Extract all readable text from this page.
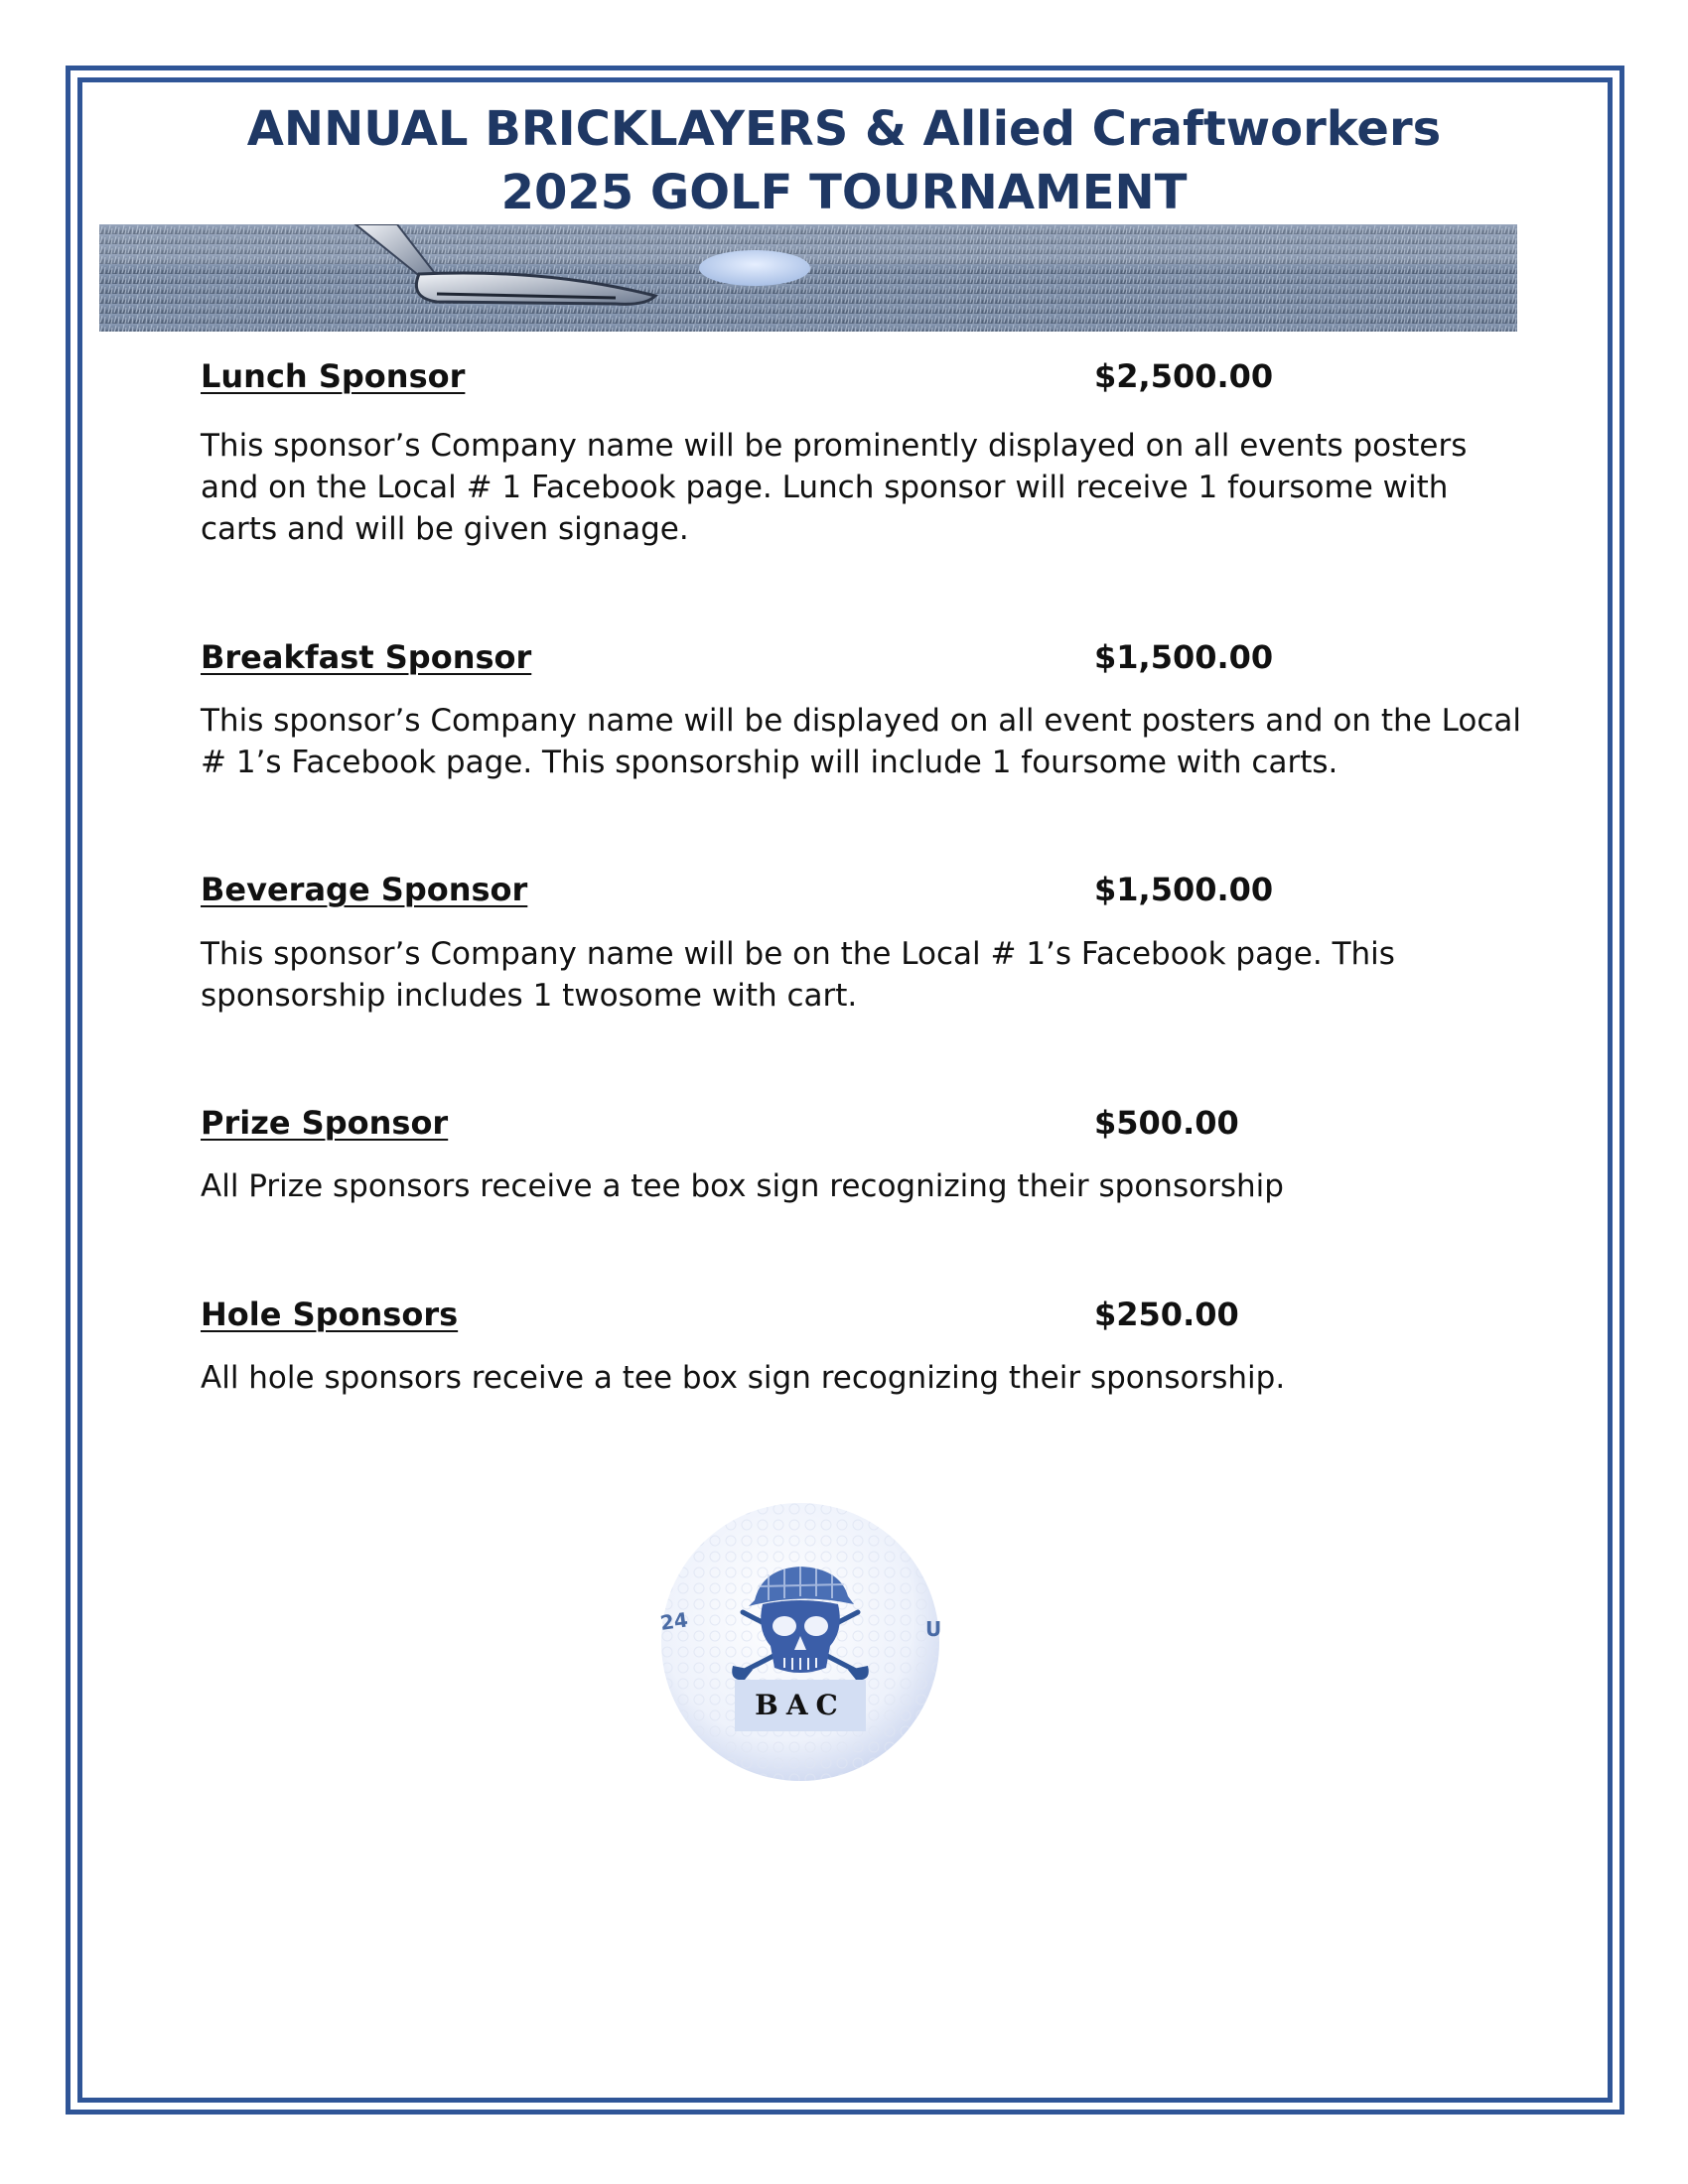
ANNUAL BRICKLAYERS & Allied Craftworkers
2025 GOLF TOURNAMENT
Lunch Sponsor	$2,500.00

This sponsor’s Company name will be prominently displayed on all events posters and on the Local # 1 Facebook page. Lunch sponsor will receive 1 foursome with carts and will be given signage.

Breakfast Sponsor	$1,500.00

This sponsor’s Company name will be displayed on all event posters and on the Local # 1’s Facebook page. This sponsorship will include 1 foursome with carts.

Beverage Sponsor	$1,500.00

This sponsor’s Company name will be on the Local # 1’s Facebook page. This sponsorship includes 1 twosome with cart.

Prize Sponsor	$500.00

All Prize sponsors receive a tee box sign recognizing their sponsorship

Hole Sponsors	$250.00

All hole sponsors receive a tee box sign recognizing their sponsorship.

24	U
BAC
